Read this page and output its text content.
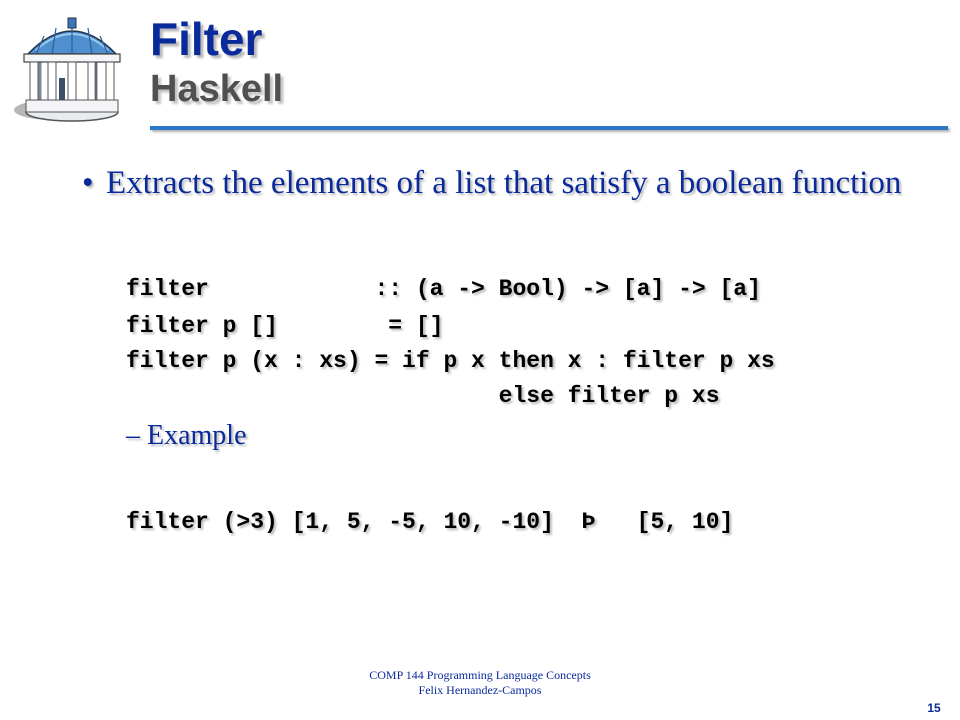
Filter
Haskell
• Extracts the elements of a list that satisfy a boolean function
filter            :: (a -> Bool) -> [a] -> [a]
filter p []        = []
filter p (x : xs) = if p x then x : filter p xs
else filter p xs
– Example
filter (>3) [1, 5, -5, 10, -10]  Þ   [5, 10]
COMP 144 Programming Language Concepts
Felix Hernandez-Campos
15
